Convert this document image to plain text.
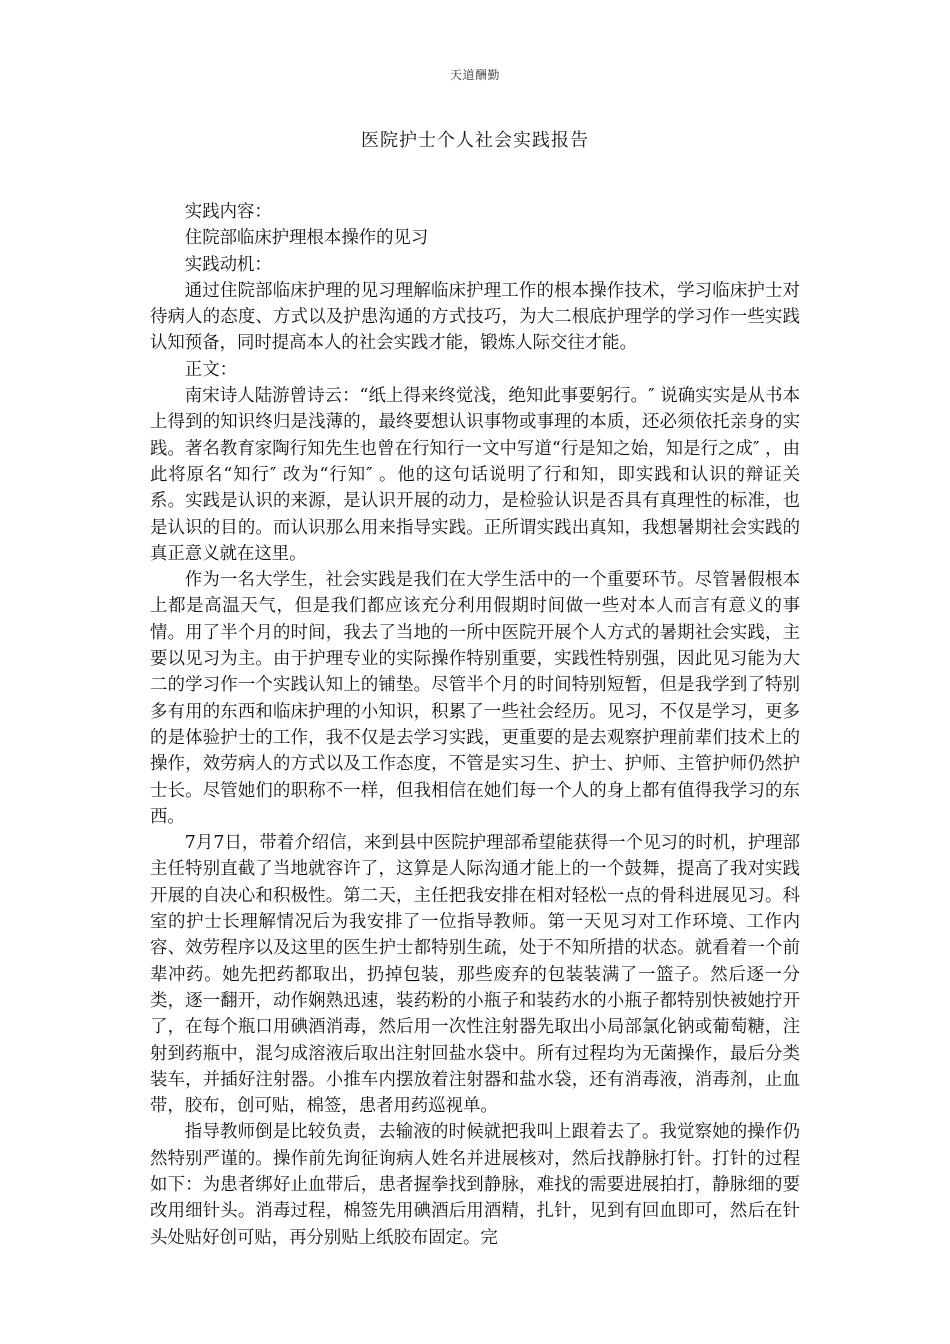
天道酬勤
医院护士个人社会实践报告

实践内容：

住院部临床护理根本操作的见习

实践动机：

通过住院部临床护理的见习理解临床护理工作的根本操作技术，学习临床护士对待病人的态度、方式以及护患沟通的方式技巧，为大二根底护理学的学习作一些实践认知预备，同时提高本人的社会实践才能，锻炼人际交往才能。

正文：

南宋诗人陆游曾诗云：“纸上得来终觉浅，绝知此事要躬行。″ 说确实实是从书本上得到的知识终归是浅薄的，最终要想认识事物或事理的本质，还必须依托亲身的实践。著名教育家陶行知先生也曾在行知行一文中写道“行是知之始，知是行之成″ ，由此将原名“知行″ 改为“行知″ 。他的这句话说明了行和知，即实践和认识的辩证关系。实践是认识的来源，是认识开展的动力，是检验认识是否具有真理性的标准，也是认识的目的。而认识那么用来指导实践。正所谓实践出真知，我想暑期社会实践的真正意义就在这里。

作为一名大学生，社会实践是我们在大学生活中的一个重要环节。尽管暑假根本上都是高温天气，但是我们都应该充分利用假期时间做一些对本人而言有意义的事情。用了半个月的时间，我去了当地的一所中医院开展个人方式的暑期社会实践，主要以见习为主。由于护理专业的实际操作特别重要，实践性特别强，因此见习能为大二的学习作一个实践认知上的铺垫。尽管半个月的时间特别短暂，但是我学到了特别多有用的东西和临床护理的小知识，积累了一些社会经历。见习，不仅是学习，更多的是体验护士的工作，我不仅是去学习实践，更重要的是去观察护理前辈们技术上的操作，效劳病人的方式以及工作态度，不管是实习生、护士、护师、主管护师仍然护士长。尽管她们的职称不一样，但我相信在她们每一个人的身上都有值得我学习的东西。

7月7日，带着介绍信，来到县中医院护理部希望能获得一个见习的时机，护理部主任特别直截了当地就容许了，这算是人际沟通才能上的一个鼓舞，提高了我对实践开展的自决心和积极性。第二天，主任把我安排在相对轻松一点的骨科进展见习。科室的护士长理解情况后为我安排了一位指导教师。第一天见习对工作环境、工作内容、效劳程序以及这里的医生护士都特别生疏，处于不知所措的状态。就看着一个前辈冲药。她先把药都取出，扔掉包装，那些废弃的包装装满了一篮子。然后逐一分类，逐一翻开，动作娴熟迅速，装药粉的小瓶子和装药水的小瓶子都特别快被她拧开了，在每个瓶口用碘酒消毒，然后用一次性注射器先取出小局部氯化钠或葡萄糖，注射到药瓶中，混匀成溶液后取出注射回盐水袋中。所有过程均为无菌操作，最后分类装车，并插好注射器。小推车内摆放着注射器和盐水袋，还有消毒液，消毒剂，止血带，胶布，创可贴，棉签，患者用药巡视单。

指导教师倒是比较负责，去输液的时候就把我叫上跟着去了。我觉察她的操作仍然特别严谨的。操作前先询征询病人姓名并进展核对，然后找静脉打针。打针的过程如下：为患者绑好止血带后，患者握拳找到静脉，难找的需要进展拍打，静脉细的要改用细针头。消毒过程，棉签先用碘酒后用酒精，扎针，见到有回血即可，然后在针头处贴好创可贴，再分别贴上纸胶布固定。完
